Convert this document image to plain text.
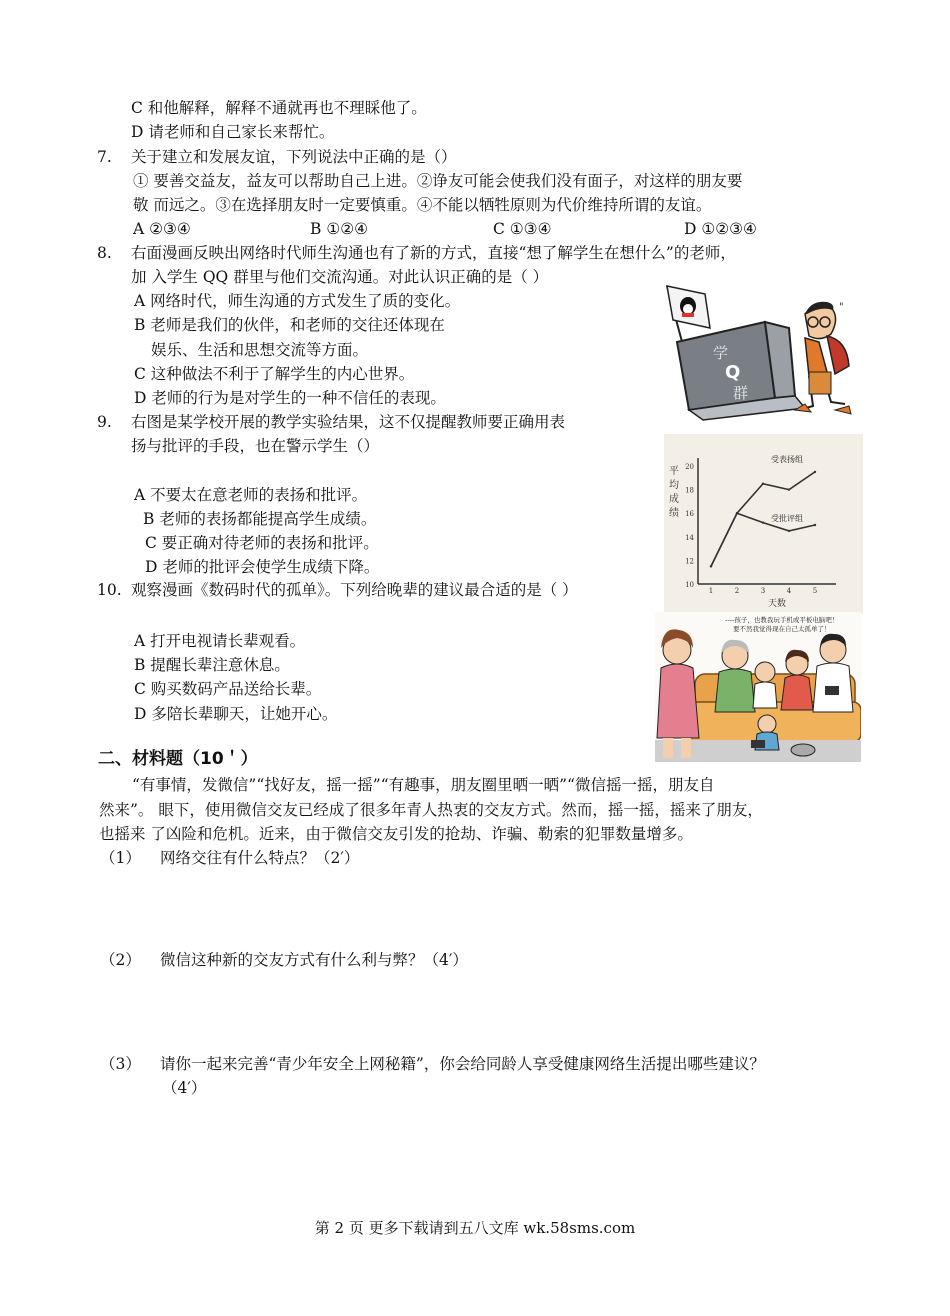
C 和他解释，解释不通就再也不理睬他了。
D 请老师和自己家长来帮忙。
7. 关于建立和发展友谊，下列说法中正确的是（）
① 要善交益友，益友可以帮助自己上进。②诤友可能会使我们没有面子，对这样的朋友要
敬 而远之。③在选择朋友时一定要慎重。④不能以牺牲原则为代价维持所谓的友谊。
A ②③④	B ①②④	C ①③④	D ①②③④
8. 右面漫画反映出网络时代师生沟通也有了新的方式，直接“想了解学生在想什么”的老师，
加 入学生 QQ 群里与他们交流沟通。对此认识正确的是（ ）
A 网络时代，师生沟通的方式发生了质的变化。
B 老师是我们的伙伴，和老师的交往还体现在
娱乐、生活和思想交流等方面。
C 这种做法不利于了解学生的内心世界。
D 老师的行为是对学生的一种不信任的表现。
学
Q
群
"
9. 右图是某学校开展的教学实验结果，这不仅提醒教师要正确用表
扬与批评的手段，也在警示学生（）
A 不要太在意老师的表扬和批评。
B 老师的表扬都能提高学生成绩。
C 要正确对待老师的表扬和批评。
D 老师的批评会使学生成绩下降。
10
12
14
16
18
20
1	2	3	4	5
天数
平
均
成
绩
受表扬组
受批评组
10. 观察漫画《数码时代的孤单》。下列给晚辈的建议最合适的是（ ）
A 打开电视请长辈观看。
B 提醒长辈注意休息。
C 购买数码产品送给长辈。
D 多陪长辈聊天，让她开心。
----孩子，也教我玩手机或平板电脑吧！
要不然我觉得现在自己太孤单了！
二、材料题（10＇）
“有事情，发微信”“找好友，摇一摇”“有趣事，朋友圈里晒一晒”“微信摇一摇，朋友自
然来”。 眼下，使用微信交友已经成了很多年青人热衷的交友方式。然而，摇一摇，摇来了朋友，
也摇来 了凶险和危机。近来，由于微信交友引发的抢劫、诈骗、勒索的犯罪数量增多。
（1） 网络交往有什么特点？（2′）
（2） 微信这种新的交友方式有什么利与弊？（4′）
（3） 请你一起来完善“青少年安全上网秘籍”，你会给同龄人享受健康网络生活提出哪些建议？
（4′）
第 2 页 更多下载请到五八文库 wk.58sms.com
